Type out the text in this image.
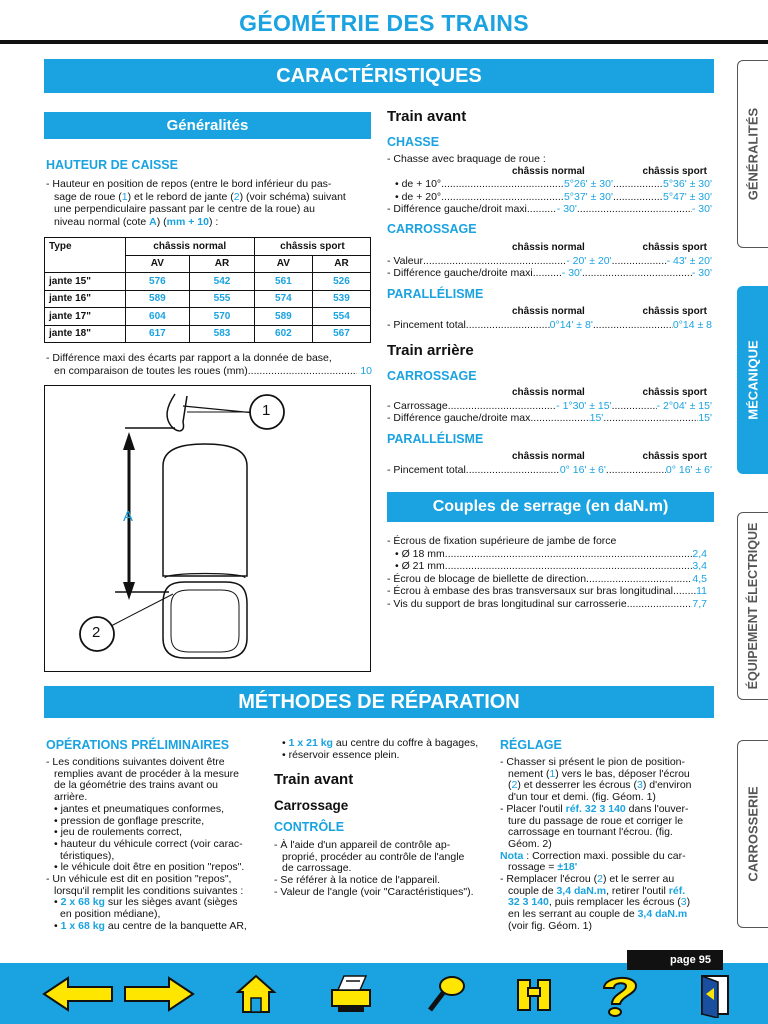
GÉOMÉTRIE DES TRAINS
CARACTÉRISTIQUES
Généralités
HAUTEUR DE CAISSE
- Hauteur en position de repos (entre le bord inférieur du pas-
sage de roue (1) et le rebord de jante (2) (voir schéma) suivant
une perpendiculaire passant par le centre de la roue) au
niveau normal (cote A) (mm + 10) :
Type	châssis normal		châssis sport	
	AV	AR	AV	AR
jante 15"	576	542	561	526
jante 16"	589	555	574	539
jante 17"	604	570	589	554
jante 18"	617	583	602	567
- Différence maxi des écarts par rapport a la donnée de base,
en comparaison de toutes les roues (mm) .....	10
1
2
A
Train avant
CHASSE
- Chasse avec braquage de roue :
châssis normal	châssis sport
• de + 10° .....	5°26' ± 30' .....	5°36' ± 30'
• de + 20° .....	5°37' ± 30' .....	5°47' ± 30'
- Différence gauche/droit maxi .....	- 30' .....	- 30'
CARROSSAGE
châssis normal	châssis sport
- Valeur .....	- 20' ± 20' .....	- 43' ± 20'
- Différence gauche/droite maxi .....	- 30' .....	- 30'
PARALLÉLISME
châssis normal	châssis sport
- Pincement total .....	0°14' ± 8' .....	0°14 ± 8
Train arrière
CARROSSAGE
châssis normal	châssis sport
- Carrossage .....	- 1°30' ± 15' .....	- 2°04' ± 15'
- Différence gauche/droite max .....	15' .....	15'
PARALLÉLISME
châssis normal	châssis sport
- Pincement total .....	0° 16' ± 6' .....	0° 16' ± 6'
Couples de serrage (en daN.m)
- Écrous de fixation supérieure de jambe de force
• Ø 18 mm .....	2,4
• Ø 21 mm .....	3,4
- Écrou de blocage de biellette de direction .....	4,5
- Écrou à embase des bras transversaux sur bras longitudinal ..... 11
- Vis du support de bras longitudinal sur carrosserie .....	7,7
MÉTHODES DE RÉPARATION
OPÉRATIONS PRÉLIMINAIRES
- Les conditions suivantes doivent être
remplies avant de procéder à la mesure
de la géométrie des trains avant ou
arrière.
• jantes et pneumatiques conformes,
• pression de gonflage prescrite,
• jeu de roulements correct,
• hauteur du véhicule correct (voir carac-
téristiques),
• le véhicule doit être en position "repos".
- Un véhicule est dit en position "repos",
lorsqu'il remplit les conditions suivantes :
• 2 x 68 kg sur les sièges avant (sièges
en position médiane),
• 1 x 68 kg au centre de la banquette AR,
• 1 x 21 kg au centre du coffre à bagages,
• réservoir essence plein.
Train avant
Carrossage
CONTRÔLE
- À l'aide d'un appareil de contrôle ap-
proprié, procéder au contrôle de l'angle
de carrossage.
- Se référer à la notice de l'appareil.
- Valeur de l'angle (voir "Caractéristiques").
RÉGLAGE
- Chasser si présent le pion de position-
nement (1) vers le bas, déposer l'écrou
(2) et desserrer les écrous (3) d'environ
d'un tour et demi. (fig. Géom. 1)
- Placer l'outil réf. 32 3 140 dans l'ouver-
ture du passage de roue et corriger le
carrossage en tournant l'écrou. (fig.
Géom. 2)
Nota : Correction maxi. possible du car-
rossage = ±18'
- Remplacer l'écrou (2) et le serrer au
couple de 3,4 daN.m, retirer l'outil réf.
32 3 140, puis remplacer les écrous (3)
en les serrant au couple de 3,4 daN.m
(voir fig. Géom. 1)
GÉNÉRALITÉS
MÉCANIQUE
ÉQUIPEMENT ÉLECTRIQUE
CARROSSERIE
page 95
